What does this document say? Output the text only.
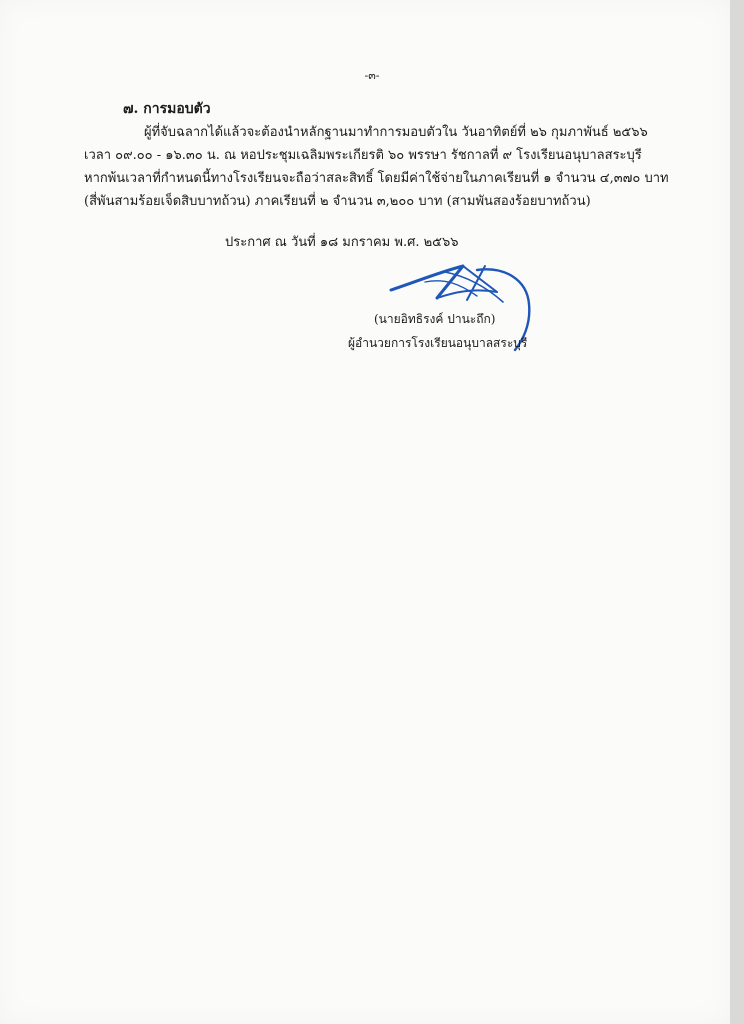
-๓-
๗. การมอบตัว
ผู้ที่จับฉลากได้แล้วจะต้องนำหลักฐานมาทำการมอบตัวใน วันอาทิตย์ที่ ๒๖ กุมภาพันธ์ ๒๕๖๖
เวลา ๐๙.๐๐ - ๑๖.๓๐ น. ณ หอประชุมเฉลิมพระเกียรติ ๖๐ พรรษา รัชกาลที่ ๙ โรงเรียนอนุบาลสระบุรี
หากพ้นเวลาที่กำหนดนี้ทางโรงเรียนจะถือว่าสละสิทธิ์ โดยมีค่าใช้จ่ายในภาคเรียนที่ ๑ จำนวน ๔,๓๗๐ บาท
(สี่พันสามร้อยเจ็ดสิบบาทถ้วน) ภาคเรียนที่ ๒ จำนวน ๓,๒๐๐ บาท (สามพันสองร้อยบาทถ้วน)
ประกาศ ณ วันที่ ๑๘ มกราคม พ.ศ. ๒๕๖๖
(นายอิทธิรงค์ ปานะถึก)
ผู้อำนวยการโรงเรียนอนุบาลสระบุรี
